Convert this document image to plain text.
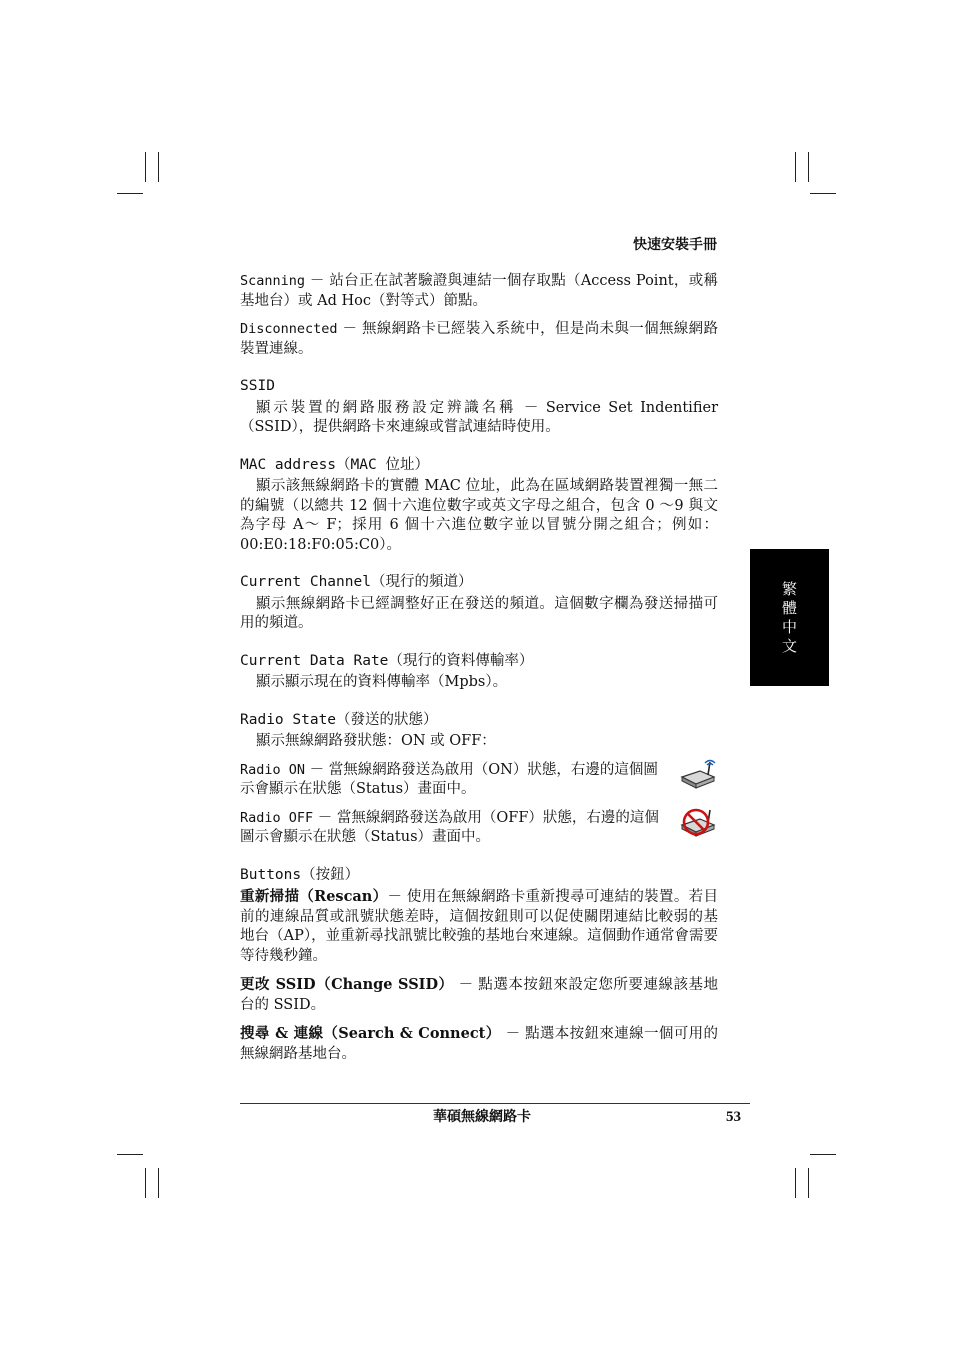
快速安裝手冊
繁體中文

Scanning － 站台正在試著驗證與連結一個存取點（Access Point，或稱基地台）或 Ad Hoc（對等式）節點。

Disconnected － 無線網路卡已經裝入系統中，但是尚未與一個無線網路裝置連線。

SSID

顯示裝置的網路服務設定辨識名稱 － Service Set Indentifier（SSID），提供網路卡來連線或嘗試連結時使用。

MAC address（MAC 位址）

顯示該無線網路卡的實體 MAC 位址，此為在區域網路裝置裡獨一無二的編號（以總共 12 個十六進位數字或英文字母之組合，包含 0 ～9 與文為字母 A～ F；採用 6 個十六進位數字並以冒號分開之組合；例如：00:E0:18:F0:05:C0）。

Current Channel（現行的頻道）

顯示無線網路卡已經調整好正在發送的頻道。這個數字欄為發送掃描可用的頻道。

Current Data Rate（現行的資料傳輸率）

顯示顯示現在的資料傳輸率（Mpbs）。

Radio State（發送的狀態）

顯示無線網路發狀態：ON 或 OFF：

Radio ON － 當無線網路發送為啟用（ON）狀態，右邊的這個圖示會顯示在狀態（Status）畫面中。
Radio OFF － 當無線網路發送為啟用（OFF）狀態，右邊的這個圖示會顯示在狀態（Status）畫面中。
Buttons（按鈕）

重新掃描（Rescan）－ 使用在無線網路卡重新搜尋可連結的裝置。若目前的連線品質或訊號狀態差時，這個按鈕則可以促使關閉連結比較弱的基地台（AP），並重新尋找訊號比較強的基地台來連線。這個動作通常會需要等待幾秒鐘。

更改 SSID（Change SSID） － 點選本按鈕來設定您所要連線該基地台的 SSID。

搜尋 & 連線（Search & Connect） － 點選本按鈕來連線一個可用的無線網路基地台。

華碩無線網路卡	53
